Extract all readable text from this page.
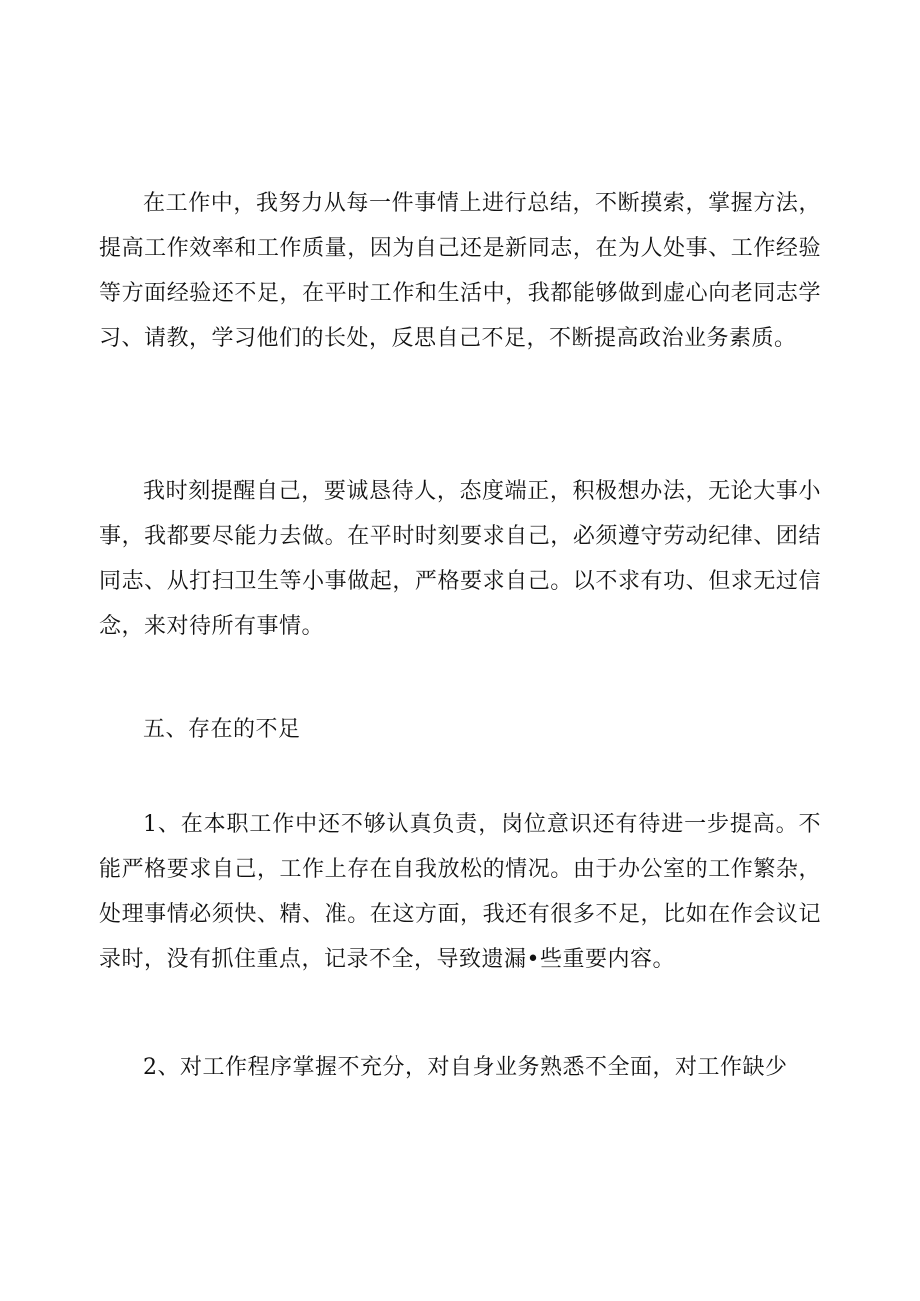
在工作中，我努力从每一件事情上进行总结，不断摸索，掌握方法，提高工作效率和工作质量，因为自己还是新同志，在为人处事、工作经验等方面经验还不足，在平时工作和生活中，我都能够做到虚心向老同志学习、请教，学习他们的长处，反思自己不足，不断提高政治业务素质。

我时刻提醒自己，要诚恳待人，态度端正，积极想办法，无论大事小事，我都要尽能力去做。在平时时刻要求自己，必须遵守劳动纪律、团结同志、从打扫卫生等小事做起，严格要求自己。以不求有功、但求无过信念，来对待所有事情。

五、存在的不足

1、在本职工作中还不够认真负责，岗位意识还有待进一步提高。不能严格要求自己，工作上存在自我放松的情况。由于办公室的工作繁杂，处理事情必须快、精、准。在这方面，我还有很多不足，比如在作会议记录时，没有抓住重点，记录不全，导致遗漏•些重要内容。

2、对工作程序掌握不充分，对自身业务熟悉不全面，对工作缺少
